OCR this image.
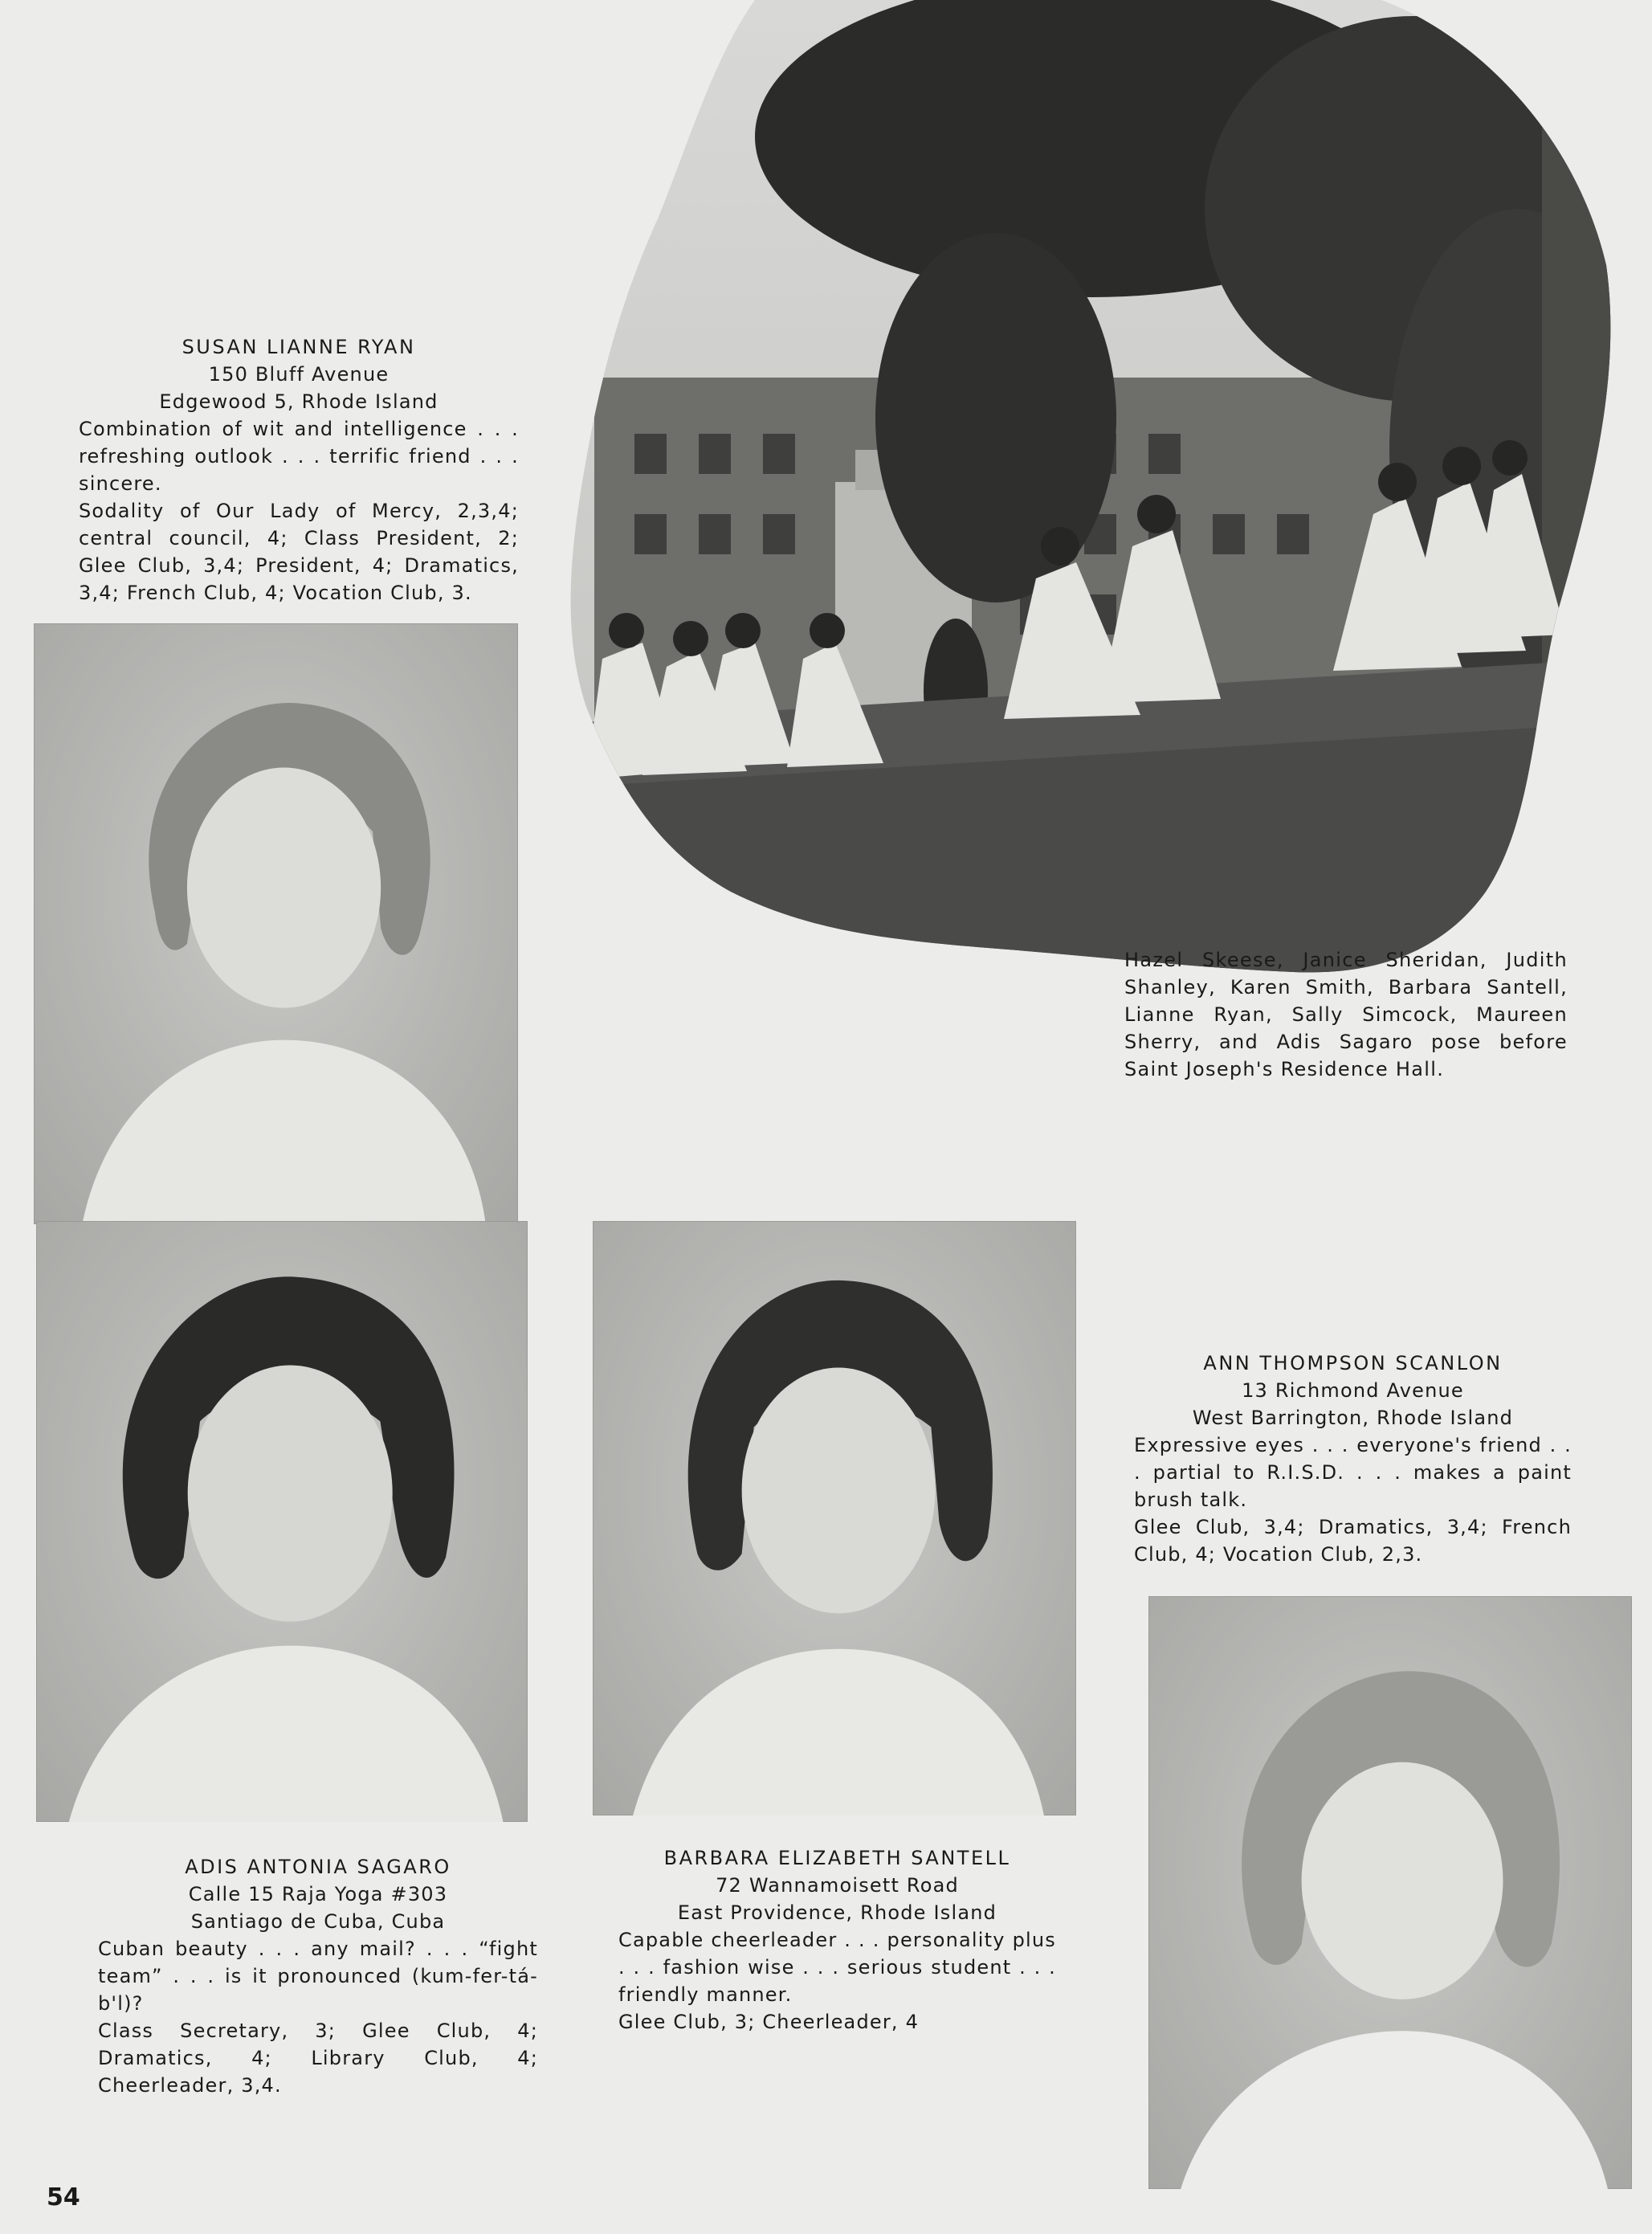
SUSAN LIANNE RYAN
150 Bluff Avenue
Edgewood 5, Rhode Island
Combination of wit and intelligence . . . refreshing outlook . . . terrific friend . . . sincere.
Sodality of Our Lady of Mercy, 2,3,4; central council, 4; Class President, 2; Glee Club, 3,4; President, 4; Dramatics, 3,4; French Club, 4; Vocation Club, 3.
Hazel Skeese, Janice Sheridan, Judith Shanley, Karen Smith, Barbara Santell, Lianne Ryan, Sally Simcock, Maureen Sherry, and Adis Sagaro pose before Saint Joseph's Residence Hall.
ANN THOMPSON SCANLON
13 Richmond Avenue
West Barrington, Rhode Island
Expressive eyes . . . everyone's friend . . . partial to R.I.S.D. . . . makes a paint brush talk.
Glee Club, 3,4; Dramatics, 3,4; French Club, 4; Vocation Club, 2,3.
ADIS ANTONIA SAGARO
Calle 15 Raja Yoga #303
Santiago de Cuba, Cuba
Cuban beauty . . . any mail? . . . “fight team” . . . is it pronounced (kum-fer-tá-b'l)?
Class Secretary, 3; Glee Club, 4; Dramatics, 4; Library Club, 4; Cheerleader, 3,4.
BARBARA ELIZABETH SANTELL
72 Wannamoisett Road
East Providence, Rhode Island
Capable cheerleader . . . personality plus . . . fashion wise . . . serious student . . . friendly manner.
Glee Club, 3; Cheerleader, 4
54
